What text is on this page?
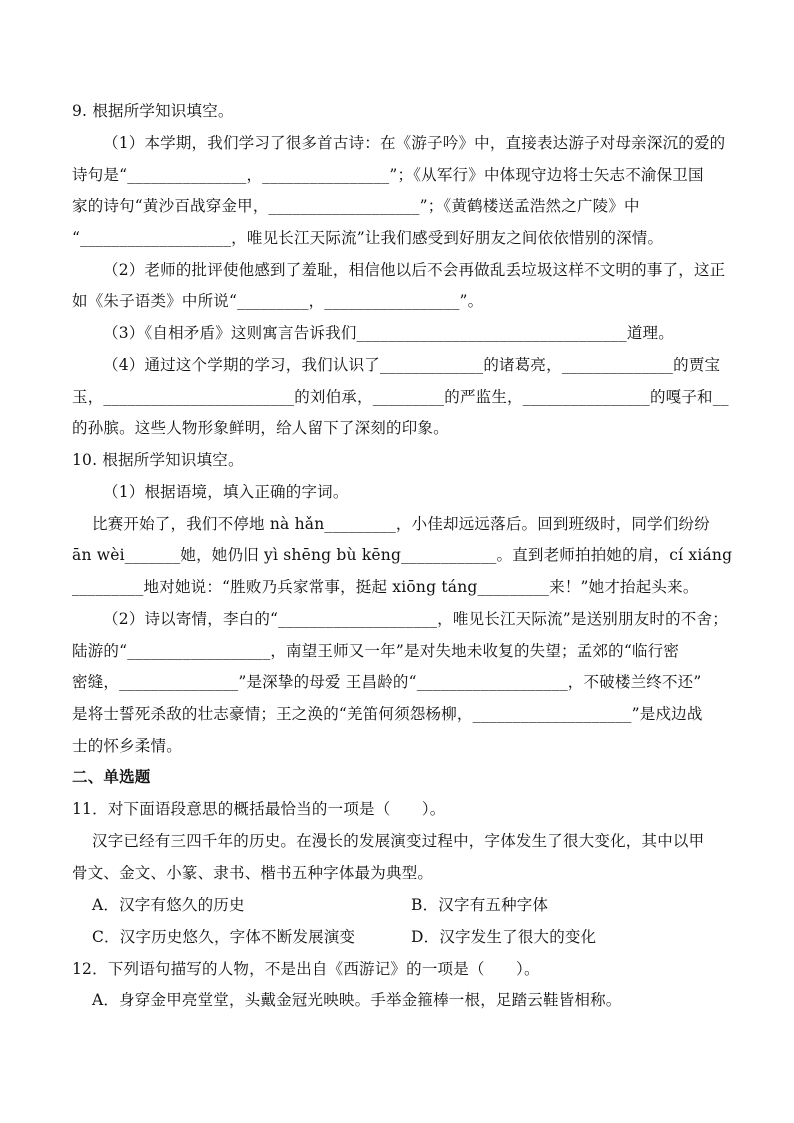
9. 根据所学知识填空。
（1）本学期，我们学习了很多首古诗：在《游子吟》中，直接表达游子对母亲深沉的爱的
诗句是“_______________，________________”；《从军行》中体现守边将士矢志不渝保卫国
家的诗句“黄沙百战穿金甲，___________________”；《黄鹤楼送孟浩然之广陵》中
“___________________，唯见长江天际流”让我们感受到好朋友之间依依惜别的深情。
（2）老师的批评使他感到了羞耻，相信他以后不会再做乱丢垃圾这样不文明的事了，这正
如《朱子语类》中所说“_________，_________________”。
（3）《自相矛盾》这则寓言告诉我们__________________________________道理。
（4）通过这个学期的学习，我们认识了_____________的诸葛亮，______________的贾宝
玉，________________________的刘伯承，_________的严监生，________________的嘎子和__
的孙膑。这些人物形象鲜明，给人留下了深刻的印象。
10. 根据所学知识填空。
（1）根据语境，填入正确的字词。
比赛开始了，我们不停地 nà hǎn_________，小佳却远远落后。回到班级时，同学们纷纷
ān wèi_______她，她仍旧 yì shēng bù kēng____________。直到老师拍拍她的肩，cí xiáng
_________地对她说：“胜败乃兵家常事，挺起 xiōng táng_________来！”她才抬起头来。
（2）诗以寄情，李白的“____________________，唯见长江天际流”是送别朋友时的不舍；
陆游的“__________________，南望王师又一年”是对失地未收复的失望；孟郊的“临行密
密缝，_______________”是深挚的母爱 王昌龄的“___________________，不破楼兰终不还”
是将士誓死杀敌的壮志豪情；王之涣的“羌笛何须怨杨柳，____________________”是戍边战
士的怀乡柔情。
二、单选题
11．对下面语段意思的概括最恰当的一项是（　　）。
汉字已经有三四千年的历史。在漫长的发展演变过程中，字体发生了很大变化，其中以甲
骨文、金文、小篆、隶书、楷书五种字体最为典型。
A．汉字有悠久的历史	B．汉字有五种字体
C．汉字历史悠久，字体不断发展演变	D．汉字发生了很大的变化
12．下列语句描写的人物，不是出自《西游记》的一项是（　　）。
A．身穿金甲亮堂堂，头戴金冠光映映。手举金箍棒一根，足踏云鞋皆相称。
